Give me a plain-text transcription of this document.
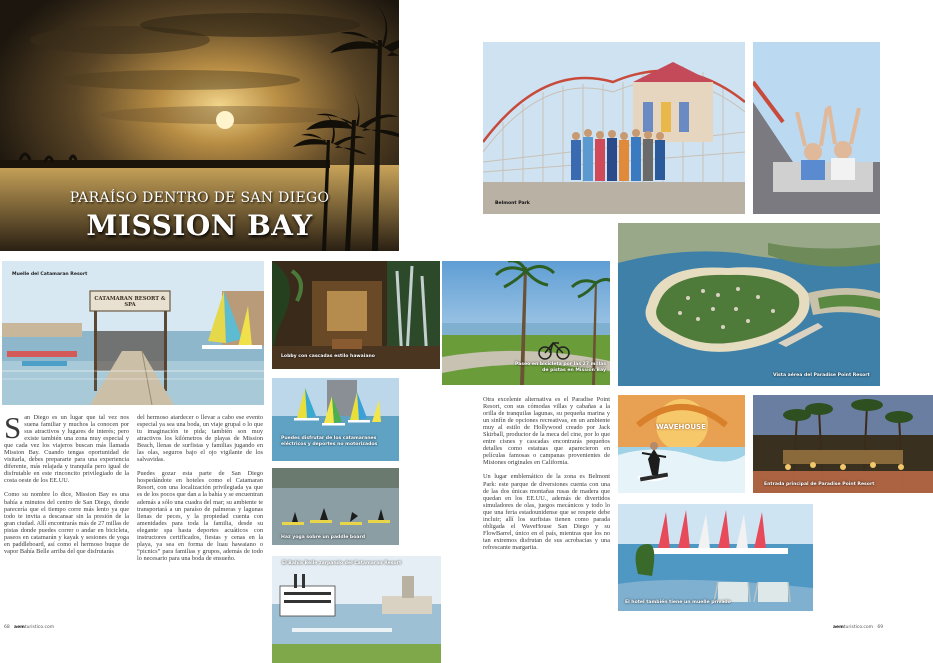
PARAÍSO DENTRO DE SAN DIEGO
MISSION BAY
CATAMARAN RESORT & SPA
Muelle del Catamaran Resort
Lobby con cascadas estilo hawaiano
Paseo en bicicleta por las 27 millas de pistas en Mission Bay
Puedes disfrutar de los catamaranes eléctricos y deportes no motorizados
Haz yoga sobre un paddle board
El Bahia Belle zarpando del Catamaran Resort

San Diego es un lugar que tal vez nos suena familiar y muchos la conocen por sus atractivos y lugares de interés; pero existe también una zona muy especial y que cada vez los viajeros buscan más llamada Mission Bay. Cuando tengas oportunidad de visitarla, debes prepararte para una experiencia diferente, más relajada y tranquila pero igual de disfrutable en este rinconcito privilegiado de la costa oeste de los EE.UU.

Como su nombre lo dice, Mission Bay es una bahía a minutos del centro de San Diego, donde parecería que el tiempo corre más lento ya que todo te invita a descansar sin la presión de la gran ciudad. Allí encontrarás más de 27 millas de pistas donde puedes correr o andar en bicicleta, paseos en catamarán y kayak y sesiones de yoga en paddleboard, así como el hermoso buque de vapor Bahía Belle arriba del que disfrutarás

del hermoso atardecer o llevar a cabo ese evento especial ya sea una boda, un viaje grupal o lo que tu imaginación te pida; también son muy atractivos los kilómetros de playas de Mission Beach, llenas de surfistas y familias jugando en las olas, seguros bajo el ojo vigilante de los salvavidas.

Puedes gozar esta parte de San Diego hospedándote en hoteles como el Catamaran Resort, con una localización privilegiada ya que es de los pocos que dan a la bahía y se encuentran además a sólo una cuadra del mar; su ambiente te transportará a un paraíso de palmeras y lagunas llenas de peces, y la propiedad cuenta con amenidades para toda la familia, desde su elegante spa hasta deportes acuáticos con instructores certificados, fiestas y cenas en la playa, ya sea en forma de luau hawaiano o “picnics” para familias y grupos, además de todo lo necesario para una boda de ensueño.

Belmont Park
Vista aérea del Paradise Point Resort
WAVEHOUSE
Entrada principal de Paradise Point Resort
El hotel también tiene un muelle privado

Otra excelente alternativa es el Paradise Point Resort, con sus cómodas villas y cabañas a la orilla de tranquilas lagunas, su pequeña marina y un sinfín de opciones recreativas, en un ambiente muy al estilo de Hollywood creado por Jack Skirball, productor de la meca del cine, por lo que entre cisnes y cascadas encontrarás pequeños detalles como estatuas que aparecieron en películas famosas o campanas provenientes de Misiones originales en California.

Un lugar emblemático de la zona es Belmont Park: este parque de diversiones cuenta con una de las dos únicas montañas rusas de madera que quedan en los EE.UU., además de divertidos simuladores de olas, juegos mecánicos y todo lo que una feria estadounidense que se respete debe incluir; allí los surfistas tienen como parada obligada el WaveHouse San Diego y su FlowBarrel, único en el país, mientras que los no tan extremos disfrutan de sus acrobacias y una refrescante margarita.

68 aemturistico.com	aemturistico.com 69
